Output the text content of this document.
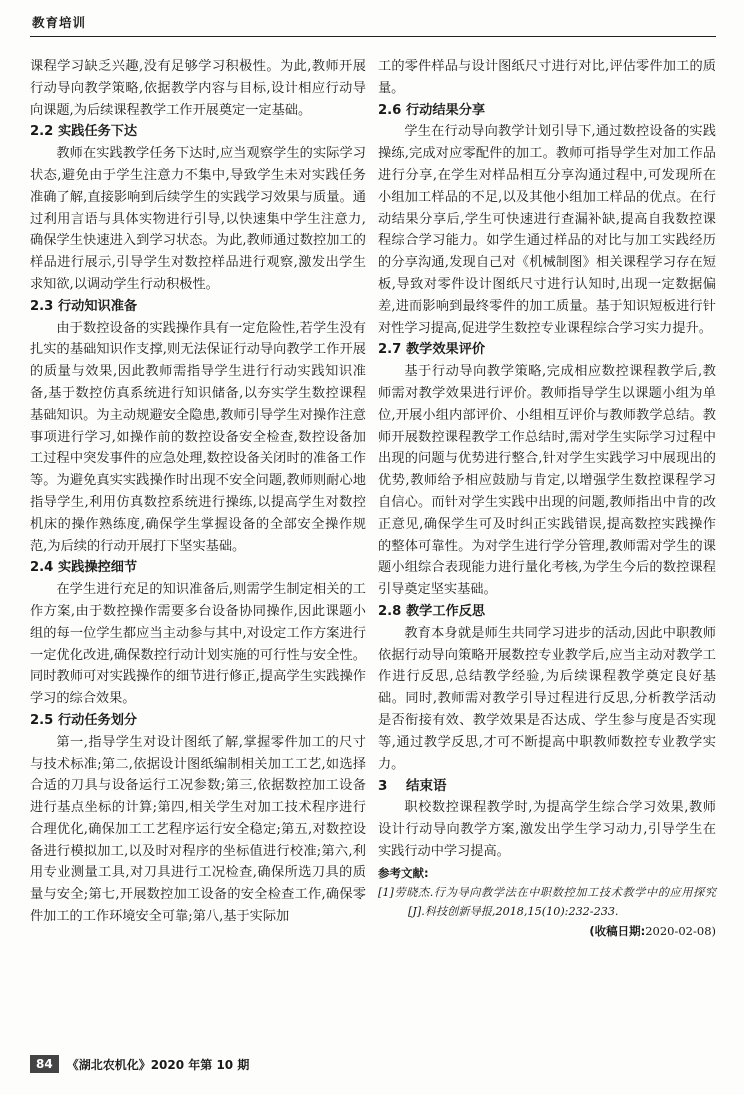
教育培训

课程学习缺乏兴趣,没有足够学习积极性。为此,教师开展行动导向教学策略,依据教学内容与目标,设计相应行动导向课题,为后续课程教学工作开展奠定一定基础。

2.2 实践任务下达

教师在实践教学任务下达时,应当观察学生的实际学习状态,避免由于学生注意力不集中,导致学生未对实践任务准确了解,直接影响到后续学生的实践学习效果与质量。通过利用言语与具体实物进行引导,以快速集中学生注意力,确保学生快速进入到学习状态。为此,教师通过数控加工的样品进行展示,引导学生对数控样品进行观察,激发出学生求知欲,以调动学生行动积极性。

2.3 行动知识准备

由于数控设备的实践操作具有一定危险性,若学生没有扎实的基础知识作支撑,则无法保证行动导向教学工作开展的质量与效果,因此教师需指导学生进行行动实践知识准备,基于数控仿真系统进行知识储备,以夯实学生数控课程基础知识。为主动规避安全隐患,教师引导学生对操作注意事项进行学习,如操作前的数控设备安全检查,数控设备加工过程中突发事件的应急处理,数控设备关闭时的准备工作等。为避免真实实践操作时出现不安全问题,教师则耐心地指导学生,利用仿真数控系统进行操练,以提高学生对数控机床的操作熟练度,确保学生掌握设备的全部安全操作规范,为后续的行动开展打下坚实基础。

2.4 实践操控细节

在学生进行充足的知识准备后,则需学生制定相关的工作方案,由于数控操作需要多台设备协同操作,因此课题小组的每一位学生都应当主动参与其中,对设定工作方案进行一定优化改进,确保数控行动计划实施的可行性与安全性。同时教师可对实践操作的细节进行修正,提高学生实践操作学习的综合效果。

2.5 行动任务划分

第一,指导学生对设计图纸了解,掌握零件加工的尺寸与技术标准;第二,依据设计图纸编制相关加工工艺,如选择合适的刀具与设备运行工况参数;第三,依据数控加工设备进行基点坐标的计算;第四,相关学生对加工技术程序进行合理优化,确保加工工艺程序运行安全稳定;第五,对数控设备进行模拟加工,以及时对程序的坐标值进行校准;第六,利用专业测量工具,对刀具进行工况检查,确保所选刀具的质量与安全;第七,开展数控加工设备的安全检查工作,确保零件加工的工作环境安全可靠;第八,基于实际加

工的零件样品与设计图纸尺寸进行对比,评估零件加工的质量。

2.6 行动结果分享

学生在行动导向教学计划引导下,通过数控设备的实践操练,完成对应零配件的加工。教师可指导学生对加工作品进行分享,在学生对样品相互分享沟通过程中,可发现所在小组加工样品的不足,以及其他小组加工样品的优点。在行动结果分享后,学生可快速进行查漏补缺,提高自我数控课程综合学习能力。如学生通过样品的对比与加工实践经历的分享沟通,发现自己对《机械制图》相关课程学习存在短板,导致对零件设计图纸尺寸进行认知时,出现一定数据偏差,进而影响到最终零件的加工质量。基于知识短板进行针对性学习提高,促进学生数控专业课程综合学习实力提升。

2.7 教学效果评价

基于行动导向教学策略,完成相应数控课程教学后,教师需对教学效果进行评价。教师指导学生以课题小组为单位,开展小组内部评价、小组相互评价与教师教学总结。教师开展数控课程教学工作总结时,需对学生实际学习过程中出现的问题与优势进行整合,针对学生实践学习中展现出的优势,教师给予相应鼓励与肯定,以增强学生数控课程学习自信心。而针对学生实践中出现的问题,教师指出中肯的改正意见,确保学生可及时纠正实践错误,提高数控实践操作的整体可靠性。为对学生进行学分管理,教师需对学生的课题小组综合表现能力进行量化考核,为学生今后的数控课程引导奠定坚实基础。

2.8 教学工作反思

教育本身就是师生共同学习进步的活动,因此中职教师依据行动导向策略开展数控专业教学后,应当主动对教学工作进行反思,总结教学经验,为后续课程教学奠定良好基础。同时,教师需对教学引导过程进行反思,分析教学活动是否衔接有效、教学效果是否达成、学生参与度是否实现等,通过教学反思,才可不断提高中职教师数控专业教学实力。

3 结束语

职校数控课程教学时,为提高学生综合学习效果,教师设计行动导向教学方案,激发出学生学习动力,引导学生在实践行动中学习提高。

参考文献:
[1]劳晓杰.行为导向教学法在中职数控加工技术教学中的应用探究[J].科技创新导报,2018,15(10):232-233.
(收稿日期:2020-02-08)
84	《湖北农机化》2020 年第 10 期
